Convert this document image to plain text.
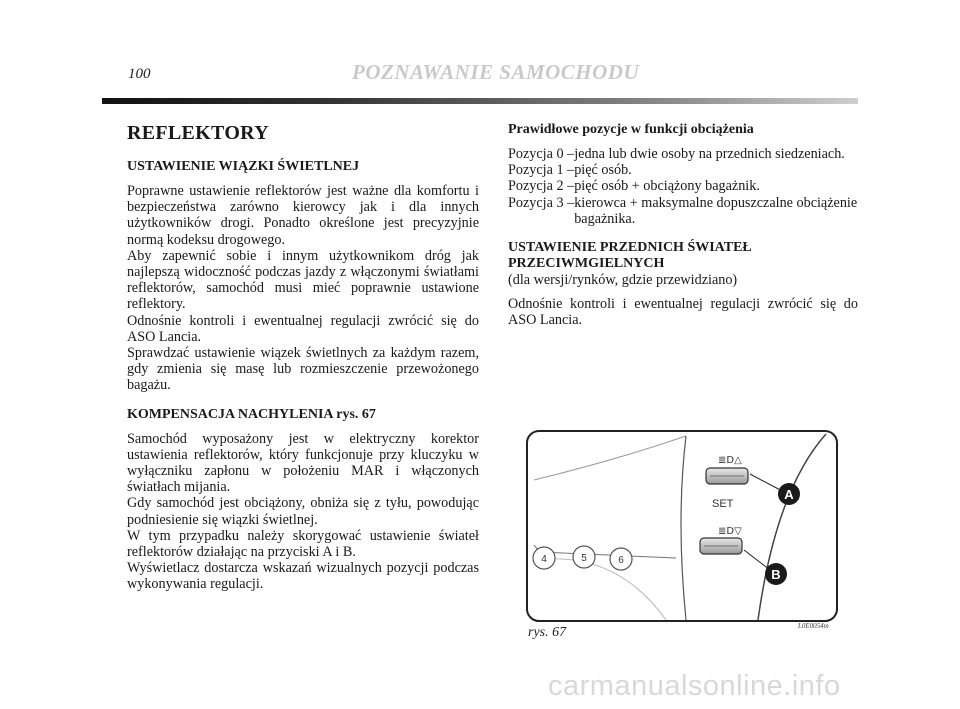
100	POZNAWANIE SAMOCHODU
REFLEKTORY
USTAWIENIE WIĄZKI ŚWIETLNEJ

Poprawne ustawienie reflektorów jest ważne dla komfortu i bezpieczeństwa zarówno kierowcy jak i dla innych użytkowników drogi. Ponadto określone jest precyzyjnie normą kodeksu drogowego.

Aby zapewnić sobie i innym użytkownikom dróg jak najlepszą widoczność podczas jazdy z włączonymi światłami reflektorów, samochód musi mieć poprawnie ustawione reflektory.

Odnośnie kontroli i ewentualnej regulacji zwrócić się do ASO Lancia.

Sprawdzać ustawienie wiązek świetlnych za każdym razem, gdy zmienia się masę lub rozmieszczenie przewożonego bagażu.

KOMPENSACJA NACHYLENIA rys. 67

Samochód wyposażony jest w elektryczny korektor ustawienia reflektorów, który funkcjonuje przy kluczyku w wyłączniku zapłonu w położeniu MAR i włączonych światłach mijania.

Gdy samochód jest obciążony, obniża się z tyłu, powodując podniesienie się wiązki świetlnej.

W tym przypadku należy skorygować ustawienie świateł reflektorów działając na przyciski A i B.

Wyświetlacz dostarcza wskazań wizualnych pozycji podczas wykonywania regulacji.

Prawidłowe pozycje w funkcji obciążenia
Pozycja 0 – jedna lub dwie osoby na przednich siedzeniach.
Pozycja 1 – pięć osób.
Pozycja 2 – pięć osób + obciążony bagażnik.
Pozycja 3 – kierowca + maksymalne dopuszczalne obciążenie bagażnika.
USTAWIENIE PRZEDNICH ŚWIATEŁ PRZECIWMGIELNYCH

(dla wersji/rynków, gdzie przewidziano)

Odnośnie kontroli i ewentualnej regulacji zwrócić się do ASO Lancia.

4	5	6
≣D△
A
SET
≣D▽
B
rys. 67	L0E0054m
carmanualsonline.info
